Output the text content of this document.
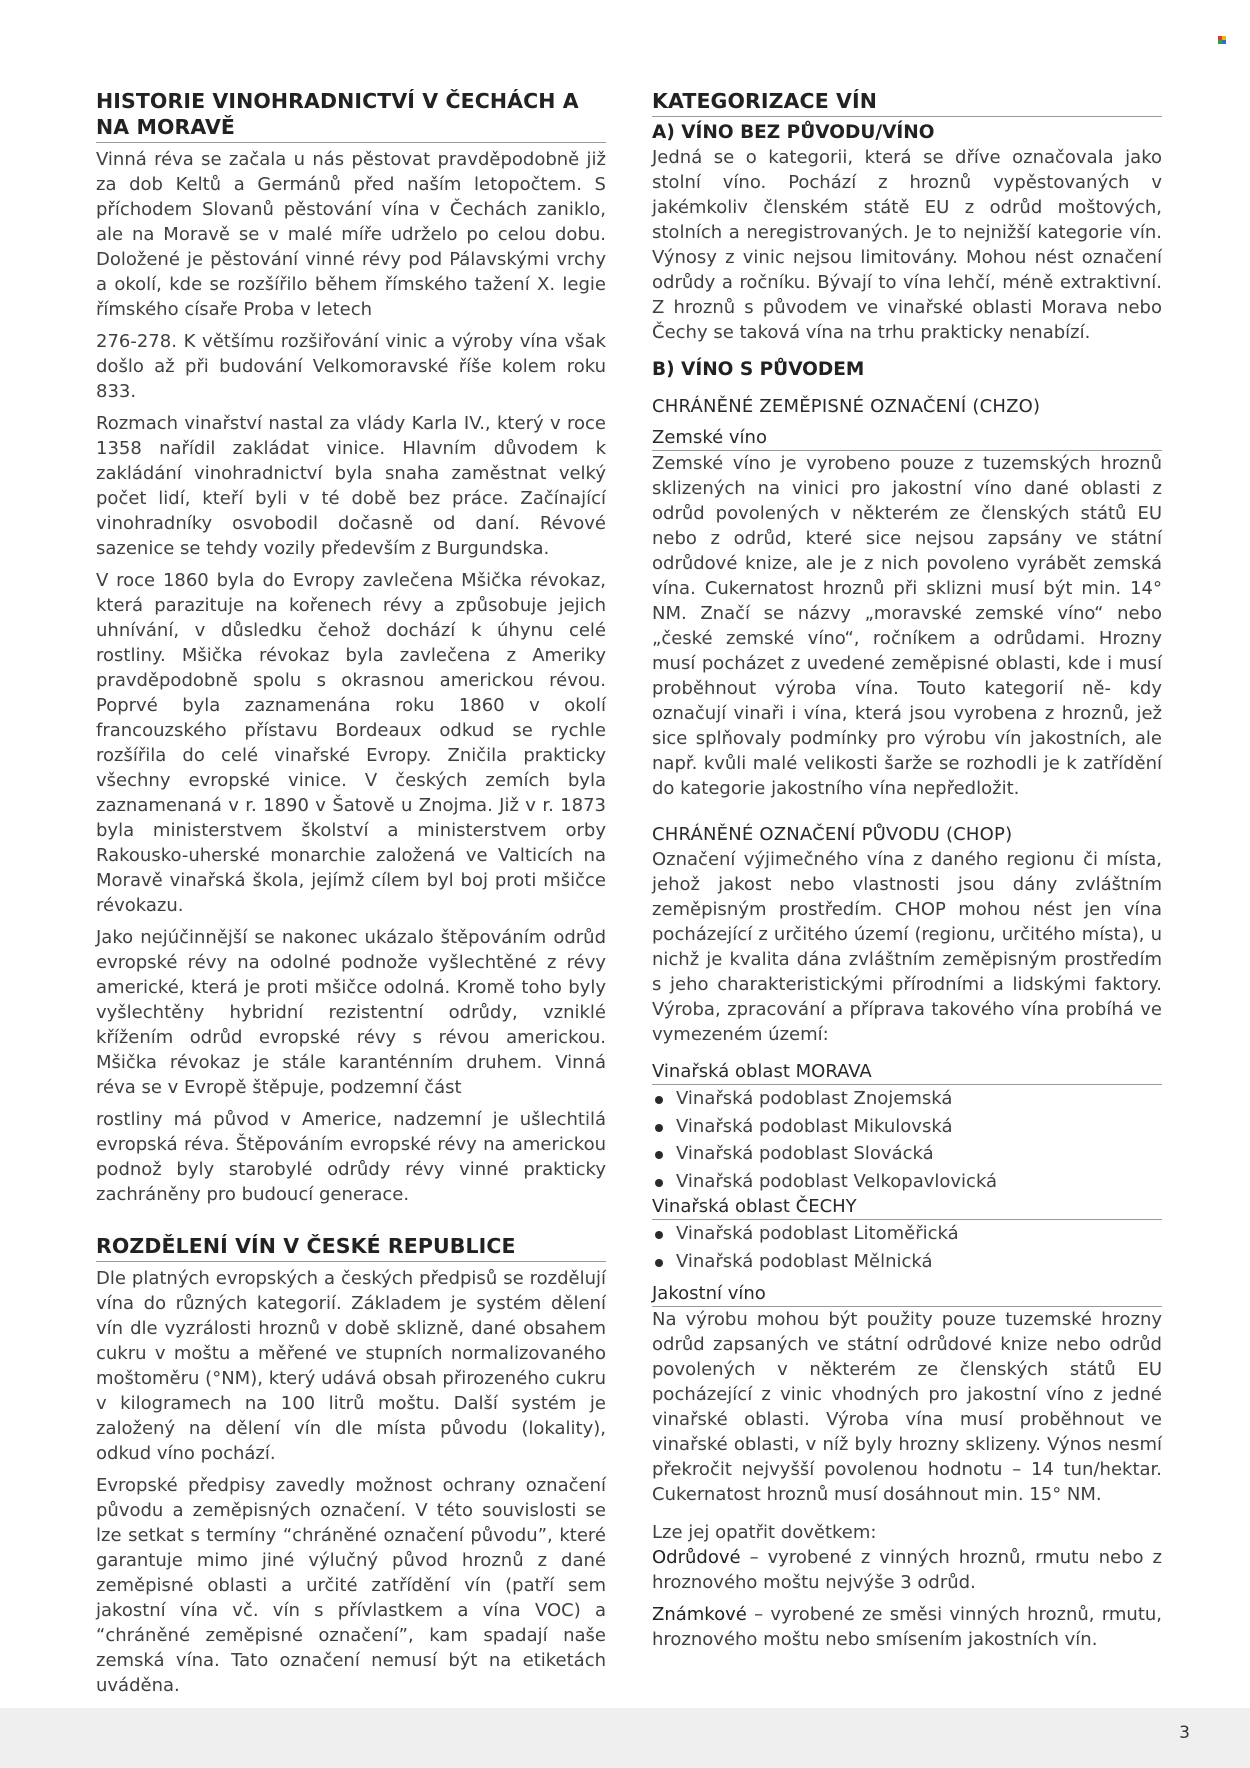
HISTORIE VINOHRADNICTVÍ V ČECHÁCH A NA MORAVĚ

Vinná réva se začala u nás pěstovat pravděpodobně již za dob Keltů a Germánů před naším letopočtem. S příchodem Slovanů pěstování vína v Čechách zaniklo, ale na Moravě se v malé míře udrželo po celou dobu. Doložené je pěstování vinné révy pod Pálavskými vrchy a okolí, kde se rozšířilo během římského tažení X. legie římského císaře Proba v letech

276-278. K většímu rozšiřování vinic a výroby vína však došlo až při budování Velkomoravské říše kolem roku 833.

Rozmach vinařství nastal za vlády Karla IV., který v roce 1358 nařídil zakládat vinice. Hlavním důvodem k zakládání vinohradnictví byla snaha zaměstnat velký počet lidí, kteří byli v té době bez práce. Začínající vinohradníky osvobodil dočasně od daní. Révové sazenice se tehdy vozily především z Burgundska.

V roce 1860 byla do Evropy zavlečena Mšička révokaz, která parazituje na kořenech révy a způsobuje jejich uhnívání, v důsledku čehož dochází k úhynu celé rostliny. Mšička révokaz byla zavlečena z Ameriky pravděpodobně spolu s okrasnou americkou révou. Poprvé byla zaznamenána roku 1860 v okolí francouzského přístavu Bordeaux odkud se rychle rozšířila do celé vinařské Evropy. Zničila prakticky všechny evropské vinice. V českých zemích byla zaznamenaná v r. 1890 v Šatově u Znojma. Již v r. 1873 byla ministerstvem školství a ministerstvem orby Rakousko-uherské monarchie založená ve Valticích na Moravě vinařská škola, jejímž cílem byl boj proti mšičce révokazu.

Jako nejúčinnější se nakonec ukázalo štěpováním odrůd evropské révy na odolné podnože vyšlechtěné z révy americké, která je proti mšičce odolná. Kromě toho byly vyšlechtěny hybridní rezistentní odrůdy, vzniklé křížením odrůd evropské révy s révou americkou. Mšička révokaz je stále karanténním druhem. Vinná réva se v Evropě štěpuje, podzemní část

rostliny má původ v Americe, nadzemní je ušlechtilá evropská réva. Štěpováním evropské révy na americkou podnož byly starobylé odrůdy révy vinné prakticky zachráněny pro budoucí generace.

ROZDĚLENÍ VÍN V ČESKÉ REPUBLICE

Dle platných evropských a českých předpisů se rozdělují vína do různých kategorií. Základem je systém dělení vín dle vyzrálosti hroznů v době sklizně, dané obsahem cukru v moštu a měřené ve stupních normalizovaného moštoměru (°NM), který udává obsah přirozeného cukru v kilogramech na 100 litrů moštu. Další systém je založený na dělení vín dle místa původu (lokality), odkud víno pochází.

Evropské předpisy zavedly možnost ochrany označení původu a zeměpisných označení. V této souvislosti se lze setkat s termíny “chráněné označení původu”, které garantuje mimo jiné výlučný původ hroznů z dané zeměpisné oblasti a určité zatřídění vín (patří sem jakostní vína vč. vín s přívlastkem a vína VOC) a “chráněné zeměpisné označení”, kam spadají naše zemská vína. Tato označení nemusí být na etiketách uváděna.

KATEGORIZACE VÍN
A) VÍNO BEZ PŮVODU/VÍNO

Jedná se o kategorii, která se dříve označovala jako stolní víno. Pochází z hroznů vypěstovaných v jakémkoliv členském státě EU z odrůd moštových, stolních a neregistrovaných. Je to nejnižší kategorie vín. Výnosy z vinic nejsou limitovány. Mohou nést označení odrůdy a ročníku. Bývají to vína lehčí, méně extraktivní. Z hroznů s původem ve vinařské oblasti Morava nebo Čechy se taková vína na trhu prakticky nenabízí.

B) VÍNO S PŮVODEM
CHRÁNĚNÉ ZEMĚPISNÉ OZNAČENÍ (CHZO)
Zemské víno

Zemské víno je vyrobeno pouze z tuzemských hroznů sklizených na vinici pro jakostní víno dané oblasti z odrůd povolených v některém ze členských států EU nebo z odrůd, které sice nejsou zapsány ve státní odrůdové knize, ale je z nich povoleno vyrábět zemská vína. Cukernatost hroznů při sklizni musí být min. 14° NM. Značí se názvy „moravské zemské víno“ nebo „české zemské víno“, ročníkem a odrůdami. Hrozny musí pocházet z uvedené zeměpisné oblasti, kde i musí proběhnout výroba vína. Touto kategorií ně- kdy označují vinaři i vína, která jsou vyrobena z hroznů, jež sice splňovaly podmínky pro výrobu vín jakostních, ale např. kvůli malé velikosti šarže se rozhodli je k zatřídění do kategorie jakostního vína nepředložit.

CHRÁNĚNÉ OZNAČENÍ PŮVODU (CHOP)

Označení výjimečného vína z daného regionu či místa, jehož jakost nebo vlastnosti jsou dány zvláštním zeměpisným prostředím. CHOP mohou nést jen vína pocházející z určitého území (regionu, určitého místa), u nichž je kvalita dána zvláštním zeměpisným prostředím s jeho charakteristickými přírodními a lidskými faktory. Výroba, zpracování a příprava takového vína probíhá ve vymezeném území:

Vinařská oblast MORAVA
Vinařská podoblast Znojemská
Vinařská podoblast Mikulovská
Vinařská podoblast Slovácká
Vinařská podoblast Velkopavlovická
Vinařská oblast ČECHY
Vinařská podoblast Litoměřická
Vinařská podoblast Mělnická
Jakostní víno

Na výrobu mohou být použity pouze tuzemské hrozny odrůd zapsaných ve státní odrůdové knize nebo odrůd povolených v některém ze členských států EU pocházející z vinic vhodných pro jakostní víno z jedné vinařské oblasti. Výroba vína musí proběhnout ve vinařské oblasti, v níž byly hrozny sklizeny. Výnos nesmí překročit nejvyšší povolenou hodnotu – 14 tun/hektar. Cukernatost hroznů musí dosáhnout min. 15° NM.

Lze jej opatřit dovětkem:

Odrůdové – vyrobené z vinných hroznů, rmutu nebo z hroznového moštu nejvýše 3 odrůd.

Známkové – vyrobené ze směsi vinných hroznů, rmutu, hroznového moštu nebo smísením jakostních vín.

3
